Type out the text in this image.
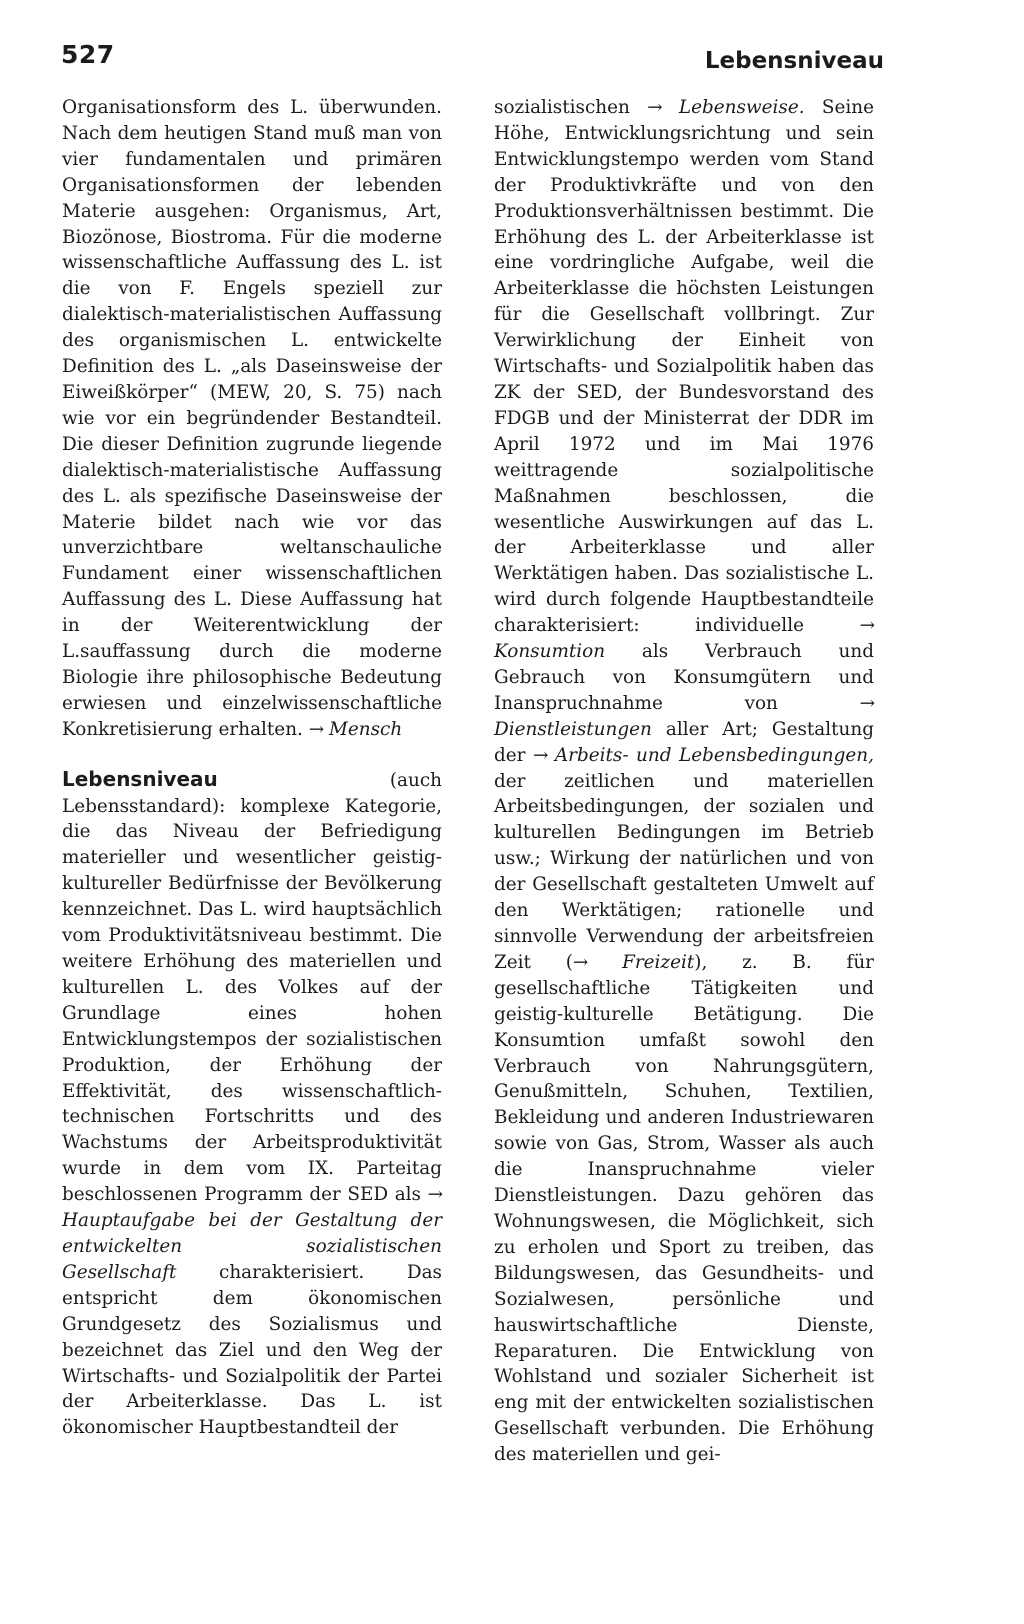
527	Lebensniveau

Organisationsform des L. überwunden. Nach dem heutigen Stand muß man von vier fundamentalen und primären Organisationsformen der lebenden Materie ausgehen: Organismus, Art, Biozönose, Biostroma. Für die moderne wissenschaftliche Auffassung des L. ist die von F. Engels speziell zur dialektisch-materialistischen Auffassung des organismischen L. entwickelte Definition des L. „als Daseinsweise der Eiweißkörper“ (MEW, 20, S. 75) nach wie vor ein begründender Bestandteil. Die dieser Definition zugrunde liegende dialektisch-materialistische Auffassung des L. als spezifische Daseinsweise der Materie bildet nach wie vor das unverzichtbare weltanschauliche Fundament einer wissenschaftlichen Auffassung des L. Diese Auffassung hat in der Weiterentwicklung der L.sauffassung durch die moderne Biologie ihre philosophische Bedeutung erwiesen und einzelwissenschaftliche Konkretisierung erhalten. → Mensch

Lebensniveau (auch Lebensstandard): komplexe Kategorie, die das Niveau der Befriedigung materieller und wesentlicher geistig-kultureller Bedürfnisse der Bevölkerung kennzeichnet. Das L. wird hauptsächlich vom Produktivitätsniveau bestimmt. Die weitere Erhöhung des materiellen und kulturellen L. des Volkes auf der Grundlage eines hohen Entwicklungstempos der sozialistischen Produktion, der Erhöhung der Effektivität, des wissenschaftlich-technischen Fortschritts und des Wachstums der Arbeitsproduktivität wurde in dem vom IX. Parteitag beschlossenen Programm der SED als → Hauptaufgabe bei der Gestaltung der entwickelten sozialistischen Gesellschaft charakterisiert. Das entspricht dem ökonomischen Grundgesetz des Sozialismus und bezeichnet das Ziel und den Weg der Wirtschafts- und Sozialpolitik der Partei der Arbeiterklasse. Das L. ist ökonomischer Hauptbestandteil der

sozialistischen → Lebensweise. Seine Höhe, Entwicklungsrichtung und sein Entwicklungstempo werden vom Stand der Produktivkräfte und von den Produktionsverhältnissen bestimmt. Die Erhöhung des L. der Arbeiterklasse ist eine vordringliche Aufgabe, weil die Arbeiterklasse die höchsten Leistungen für die Gesellschaft vollbringt. Zur Verwirklichung der Einheit von Wirtschafts- und Sozialpolitik haben das ZK der SED, der Bundesvorstand des FDGB und der Ministerrat der DDR im April 1972 und im Mai 1976 weittragende sozialpolitische Maßnahmen beschlossen, die wesentliche Auswirkungen auf das L. der Arbeiterklasse und aller Werktätigen haben. Das sozialistische L. wird durch folgende Hauptbestandteile charakterisiert: individuelle → Konsumtion als Verbrauch und Gebrauch von Konsumgütern und Inanspruchnahme von → Dienstleistungen aller Art; Gestaltung der → Arbeits- und Lebensbedingungen, der zeitlichen und materiellen Arbeitsbedingungen, der sozialen und kulturellen Bedingungen im Betrieb usw.; Wirkung der natürlichen und von der Gesellschaft gestalteten Umwelt auf den Werktätigen; rationelle und sinnvolle Verwendung der arbeitsfreien Zeit (→ Freizeit), z. B. für gesellschaftliche Tätigkeiten und geistig-kulturelle Betätigung. Die Konsumtion umfaßt sowohl den Verbrauch von Nahrungsgütern, Genußmitteln, Schuhen, Textilien, Bekleidung und anderen Industriewaren sowie von Gas, Strom, Wasser als auch die Inanspruchnahme vieler Dienstleistungen. Dazu gehören das Wohnungswesen, die Möglichkeit, sich zu erholen und Sport zu treiben, das Bildungswesen, das Gesundheits- und Sozialwesen, persönliche und hauswirtschaftliche Dienste, Reparaturen. Die Entwicklung von Wohlstand und sozialer Sicherheit ist eng mit der entwickelten sozialistischen Gesellschaft verbunden. Die Erhöhung des materiellen und gei-
